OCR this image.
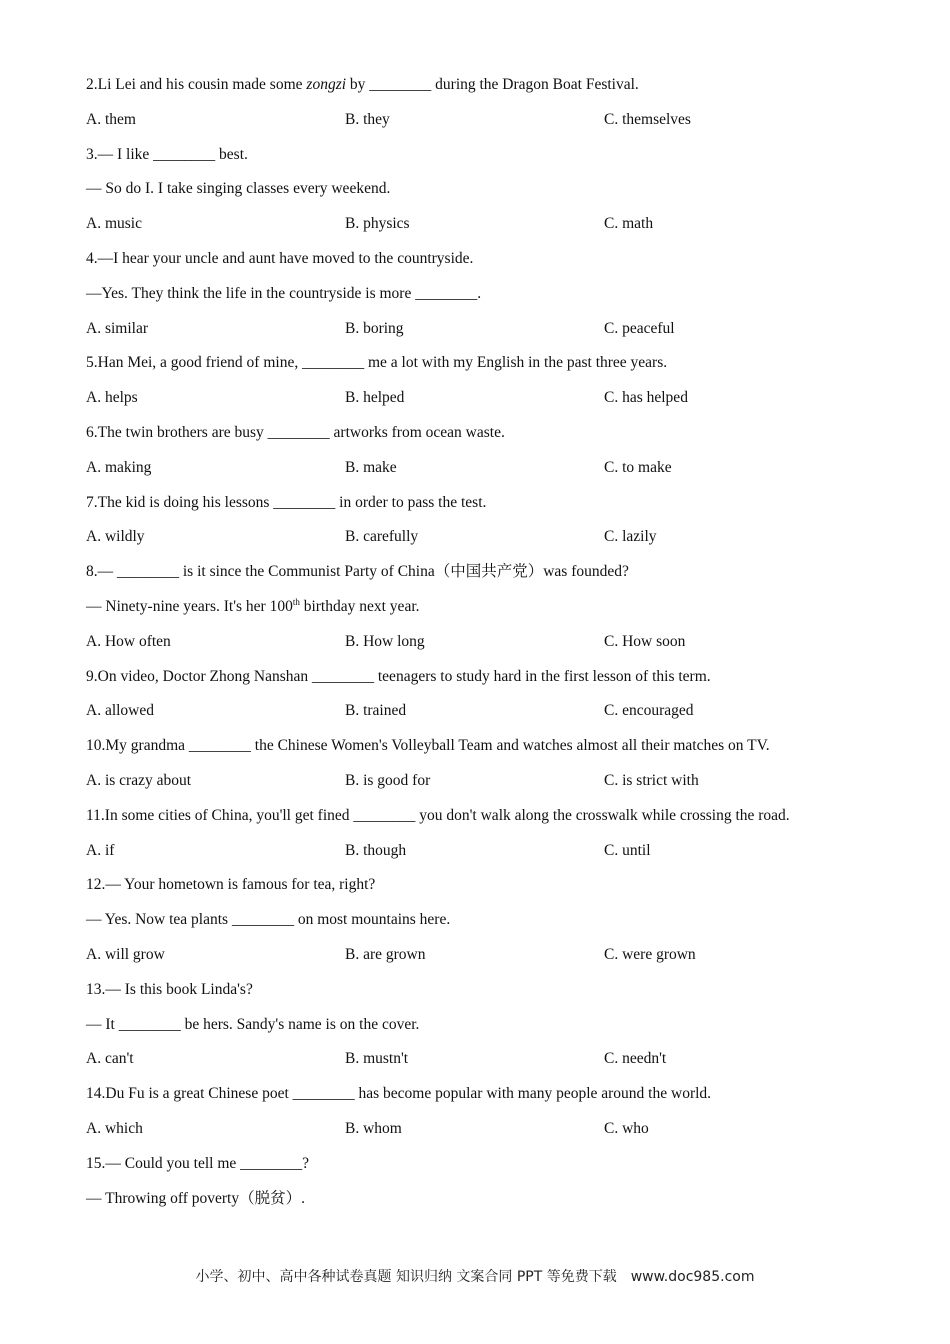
2.Li Lei and his cousin made some zongzi by ________ during the Dragon Boat Festival.
A. them	B. they	C. themselves
3.— I like ________ best.
— So do I. I take singing classes every weekend.
A. music	B. physics	C. math
4.—I hear your uncle and aunt have moved to the countryside.
—Yes. They think the life in the countryside is more ________.
A. similar	B. boring	C. peaceful
5.Han Mei, a good friend of mine, ________ me a lot with my English in the past three years.
A. helps	B. helped	C. has helped
6.The twin brothers are busy ________ artworks from ocean waste.
A. making	B. make	C. to make
7.The kid is doing his lessons ________ in order to pass the test.
A. wildly	B. carefully	C. lazily
8.— ________ is it since the Communist Party of China（中国共产党）was founded?
— Ninety-nine years. It's her 100th birthday next year.
A. How often	B. How long	C. How soon
9.On video, Doctor Zhong Nanshan ________ teenagers to study hard in the first lesson of this term.
A. allowed	B. trained	C. encouraged
10.My grandma ________ the Chinese Women's Volleyball Team and watches almost all their matches on TV.
A. is crazy about	B. is good for	C. is strict with
11.In some cities of China, you'll get fined ________ you don't walk along the crosswalk while crossing the road.
A. if	B. though	C. until
12.— Your hometown is famous for tea, right?
— Yes. Now tea plants ________ on most mountains here.
A. will grow	B. are grown	C. were grown
13.— Is this book Linda's?
— It ________ be hers. Sandy's name is on the cover.
A. can't	B. mustn't	C. needn't
14.Du Fu is a great Chinese poet ________ has become popular with many people around the world.
A. which	B. whom	C. who
15.— Could you tell me ________?
— Throwing off poverty（脱贫）.
小学、初中、高中各种试卷真题 知识归纳 文案合同 PPT 等免费下载　www.doc985.com
